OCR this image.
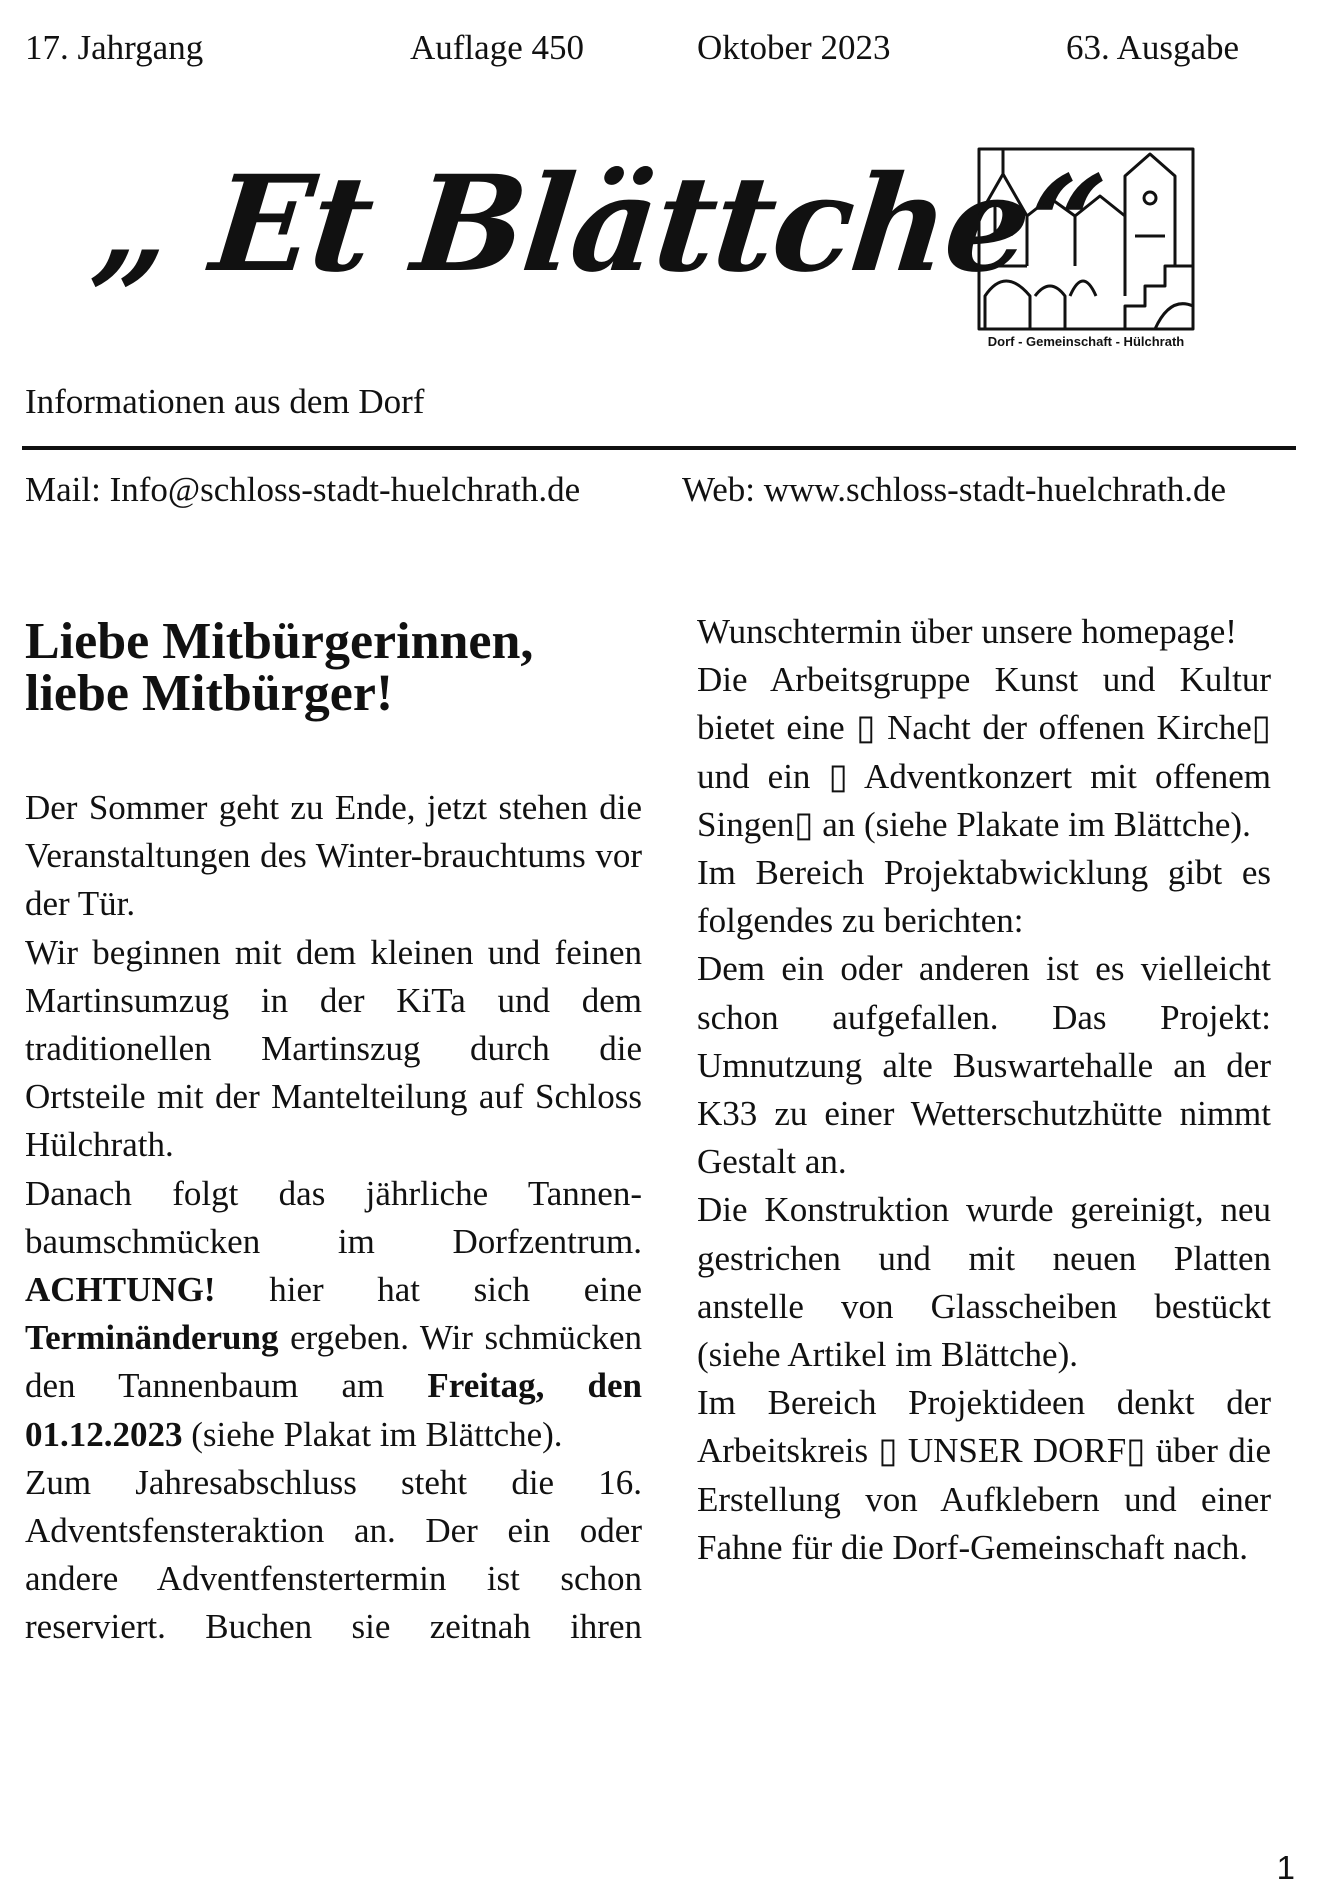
17. Jahrgang	Auflage 450	Oktober 2023	63. Ausgabe
„ Et Blättche“
Dorf - Gemeinschaft - Hülchrath
Informationen aus dem Dorf
Mail: Info@schloss-stadt-huelchrath.de	Web: www.schloss-stadt-huelchrath.de
Liebe Mitbürgerinnen,
liebe Mitbürger!

Der Sommer geht zu Ende, jetzt stehen die Veranstaltungen des Winter-brauchtums vor der Tür.

Wir beginnen mit dem kleinen und feinen Martinsumzug in der KiTa und dem traditionellen Martinszug durch die Ortsteile mit der Mantelteilung auf Schloss Hülchrath.

Danach folgt das jährliche Tannen-baumschmücken im Dorfzentrum. ACHTUNG! hier hat sich eine Terminänderung ergeben. Wir schmücken den Tannenbaum am Freitag, den 01.12.2023 (siehe Plakat im Blättche).

Zum Jahresabschluss steht die 16. Adventsfensteraktion an. Der ein oder andere Adventfenstertermin ist schon reserviert. Buchen sie zeitnah ihren

Wunschtermin über unsere homepage!

Die Arbeitsgruppe Kunst und Kultur bietet eine ▯ Nacht der offenen Kirche▯ und ein ▯ Adventkonzert mit offenem Singen▯ an (siehe Plakate im Blättche).

Im Bereich Projektabwicklung gibt es folgendes zu berichten:

Dem ein oder anderen ist es vielleicht schon aufgefallen. Das Projekt: Umnutzung alte Buswartehalle an der K33 zu einer Wetterschutzhütte nimmt Gestalt an.

Die Konstruktion wurde gereinigt, neu gestrichen und mit neuen Platten anstelle von Glasscheiben bestückt (siehe Artikel im Blättche).

Im Bereich Projektideen denkt der Arbeitskreis ▯ UNSER DORF▯ über die Erstellung von Aufklebern und einer Fahne für die Dorf-Gemeinschaft nach.

1
